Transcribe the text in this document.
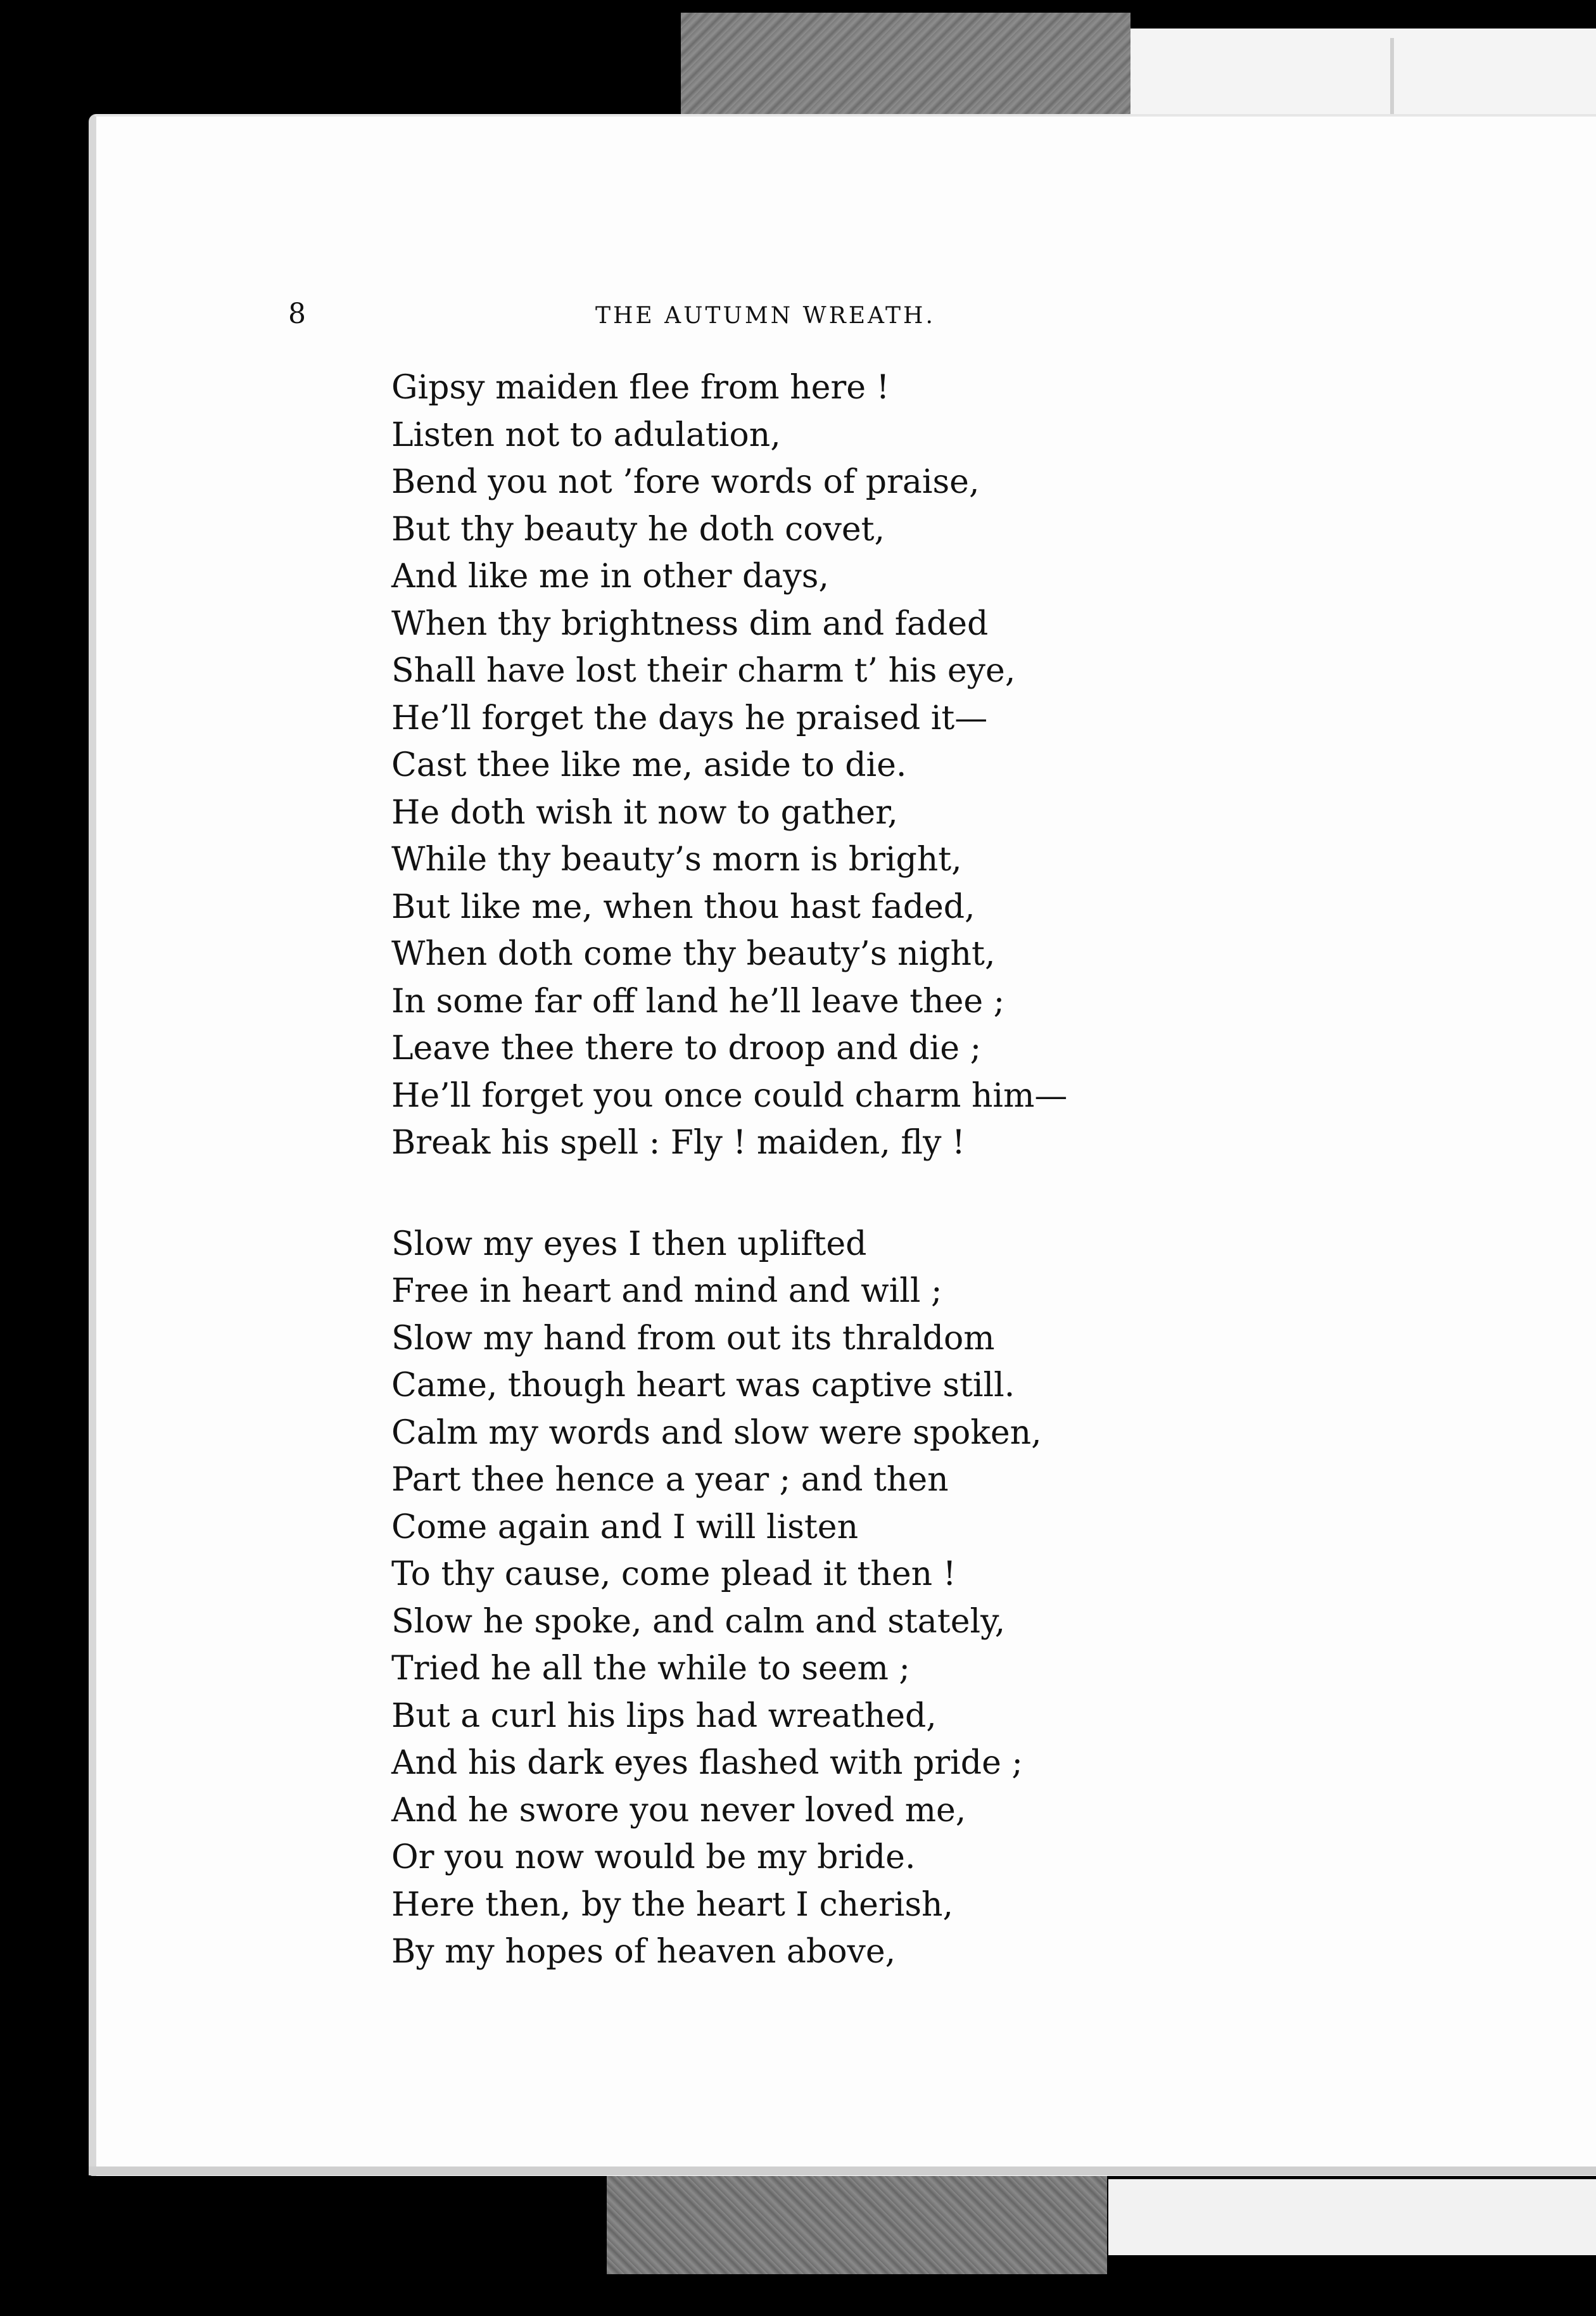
8	THE AUTUMN WREATH.
Gipsy maiden flee from here !
Listen not to adulation,
Bend you not ’fore words of praise,
But thy beauty he doth covet,
And like me in other days,
When thy brightness dim and faded
Shall have lost their charm t’ his eye,
He’ll forget the days he praised it—
Cast thee like me, aside to die.
He doth wish it now to gather,
While thy beauty’s morn is bright,
But like me, when thou hast faded,
When doth come thy beauty’s night,
In some far off land he’ll leave thee ;
Leave thee there to droop and die ;
He’ll forget you once could charm him—
Break his spell : Fly ! maiden, fly !
Slow my eyes I then uplifted
Free in heart and mind and will ;
Slow my hand from out its thraldom
Came, though heart was captive still.
Calm my words and slow were spoken,
Part thee hence a year ; and then
Come again and I will listen
To thy cause, come plead it then !
Slow he spoke, and calm and stately,
Tried he all the while to seem ;
But a curl his lips had wreathed,
And his dark eyes flashed with pride ;
And he swore you never loved me,
Or you now would be my bride.
Here then, by the heart I cherish,
By my hopes of heaven above,
